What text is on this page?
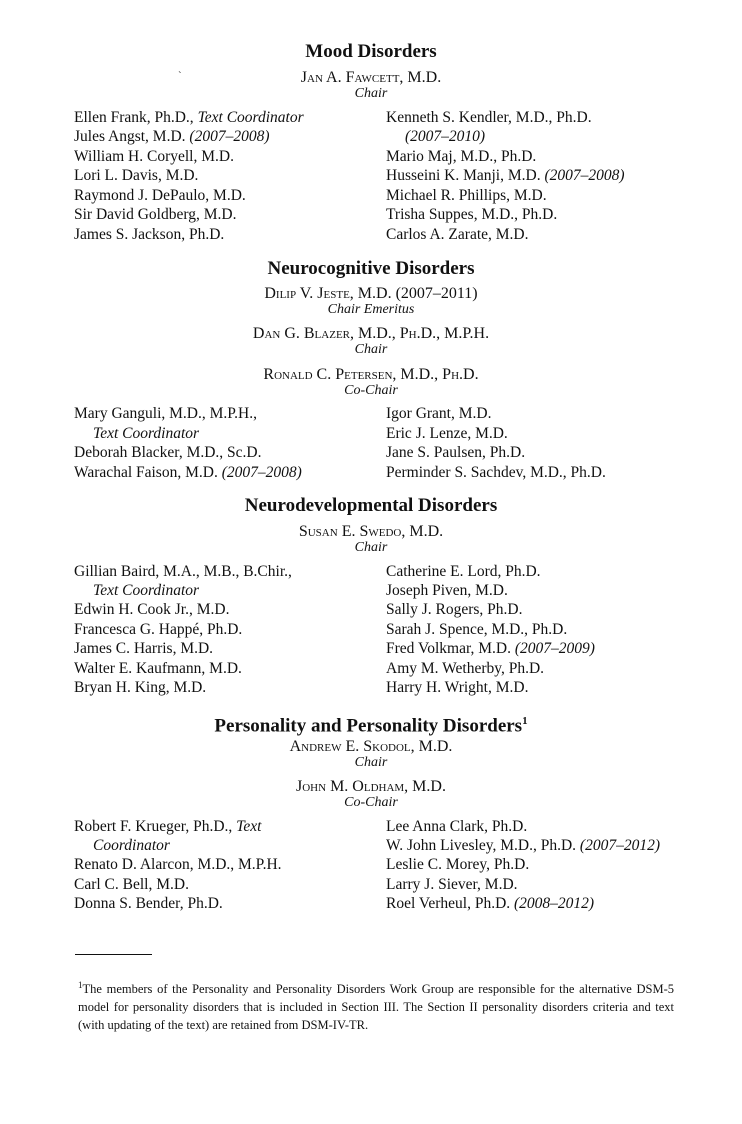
`
Mood Disorders
Jan A. Fawcett, M.D.
Chair
Ellen Frank, Ph.D., Text Coordinator
Jules Angst, M.D. (2007–2008)
William H. Coryell, M.D.
Lori L. Davis, M.D.
Raymond J. DePaulo, M.D.
Sir David Goldberg, M.D.
James S. Jackson, Ph.D.
Kenneth S. Kendler, M.D., Ph.D.
(2007–2010)
Mario Maj, M.D., Ph.D.
Husseini K. Manji, M.D. (2007–2008)
Michael R. Phillips, M.D.
Trisha Suppes, M.D., Ph.D.
Carlos A. Zarate, M.D.
Neurocognitive Disorders
Dilip V. Jeste, M.D. (2007–2011)
Chair Emeritus
Dan G. Blazer, M.D., Ph.D., M.P.H.
Chair
Ronald C. Petersen, M.D., Ph.D.
Co-Chair
Mary Ganguli, M.D., M.P.H.,
Text Coordinator
Deborah Blacker, M.D., Sc.D.
Warachal Faison, M.D. (2007–2008)
Igor Grant, M.D.
Eric J. Lenze, M.D.
Jane S. Paulsen, Ph.D.
Perminder S. Sachdev, M.D., Ph.D.
Neurodevelopmental Disorders
Susan E. Swedo, M.D.
Chair
Gillian Baird, M.A., M.B., B.Chir.,
Text Coordinator
Edwin H. Cook Jr., M.D.
Francesca G. Happé, Ph.D.
James C. Harris, M.D.
Walter E. Kaufmann, M.D.
Bryan H. King, M.D.
Catherine E. Lord, Ph.D.
Joseph Piven, M.D.
Sally J. Rogers, Ph.D.
Sarah J. Spence, M.D., Ph.D.
Fred Volkmar, M.D. (2007–2009)
Amy M. Wetherby, Ph.D.
Harry H. Wright, M.D.
Personality and Personality Disorders$^1$
Andrew E. Skodol, M.D.
Chair
John M. Oldham, M.D.
Co-Chair
Robert F. Krueger, Ph.D., Text
Coordinator
Renato D. Alarcon, M.D., M.P.H.
Carl C. Bell, M.D.
Donna S. Bender, Ph.D.
Lee Anna Clark, Ph.D.
W. John Livesley, M.D., Ph.D. (2007–2012)
Leslie C. Morey, Ph.D.
Larry J. Siever, M.D.
Roel Verheul, Ph.D. (2008–2012)
$^1$The members of the Personality and Personality Disorders Work Group are responsible for the alternative DSM-5 model for personality disorders that is included in Section III. The Section II personality disorders criteria and text (with updating of the text) are retained from DSM-IV-TR.
